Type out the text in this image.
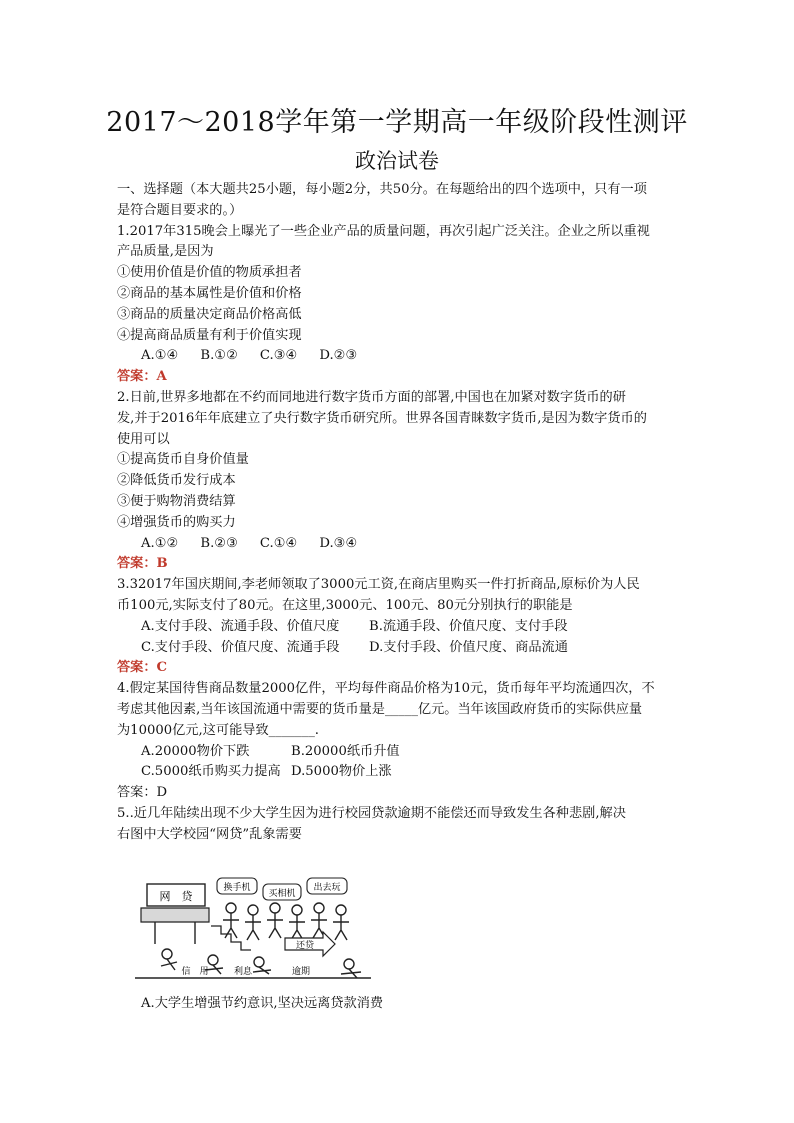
2017～2018学年第一学期高一年级阶段性测评
政治试卷
一、选择题（本大题共25小题，每小题2分，共50分。在每题给出的四个选项中，只有一项
是符合题目要求的。）
1.2017年315晚会上曝光了一些企业产品的质量问题，再次引起广泛关注。企业之所以重视
产品质量,是因为
①使用价值是价值的物质承担者
②商品的基本属性是价值和价格
③商品的质量决定商品价格高低
④提高商品质量有利于价值实现
A.①④ B.①② C.③④ D.②③
答案：A
2.日前,世界多地都在不约而同地进行数字货币方面的部署,中国也在加紧对数字货币的研
发,并于2016年年底建立了央行数字货币研究所。世界各国青睐数字货币,是因为数字货币的
使用可以
①提高货币自身价值量
②降低货币发行成本
③便于购物消费结算
④增强货币的购买力
A.①② B.②③ C.①④ D.③④
答案：B
3.32017年国庆期间,李老师领取了3000元工资,在商店里购买一件打折商品,原标价为人民
币100元,实际支付了80元。在这里,3000元、100元、80元分别执行的职能是
A.支付手段、流通手段、价值尺度 B.流通手段、价值尺度、支付手段
C.支付手段、价值尺度、流通手段 D.支付手段、价值尺度、商品流通
答案：C
4.假定某国待售商品数量2000亿件，平均每件商品价格为10元，货币每年平均流通四次，不
考虑其他因素,当年该国流通中需要的货币量是_____亿元。当年该国政府货币的实际供应量
为10000亿元,这可能导致_______.
A.20000物价下跌	B.20000纸币升值
C.5000纸币购买力提高 D.5000物价上涨
答案：D
5..近几年陆续出现不少大学生因为进行校园贷款逾期不能偿还而导致发生各种悲剧,解决
右图中大学校园“网贷”乱象需要
网　贷
换手机
买相机
出去玩
还贷
信　用	利息	逾期
A.大学生增强节约意识,坚决远离贷款消费
